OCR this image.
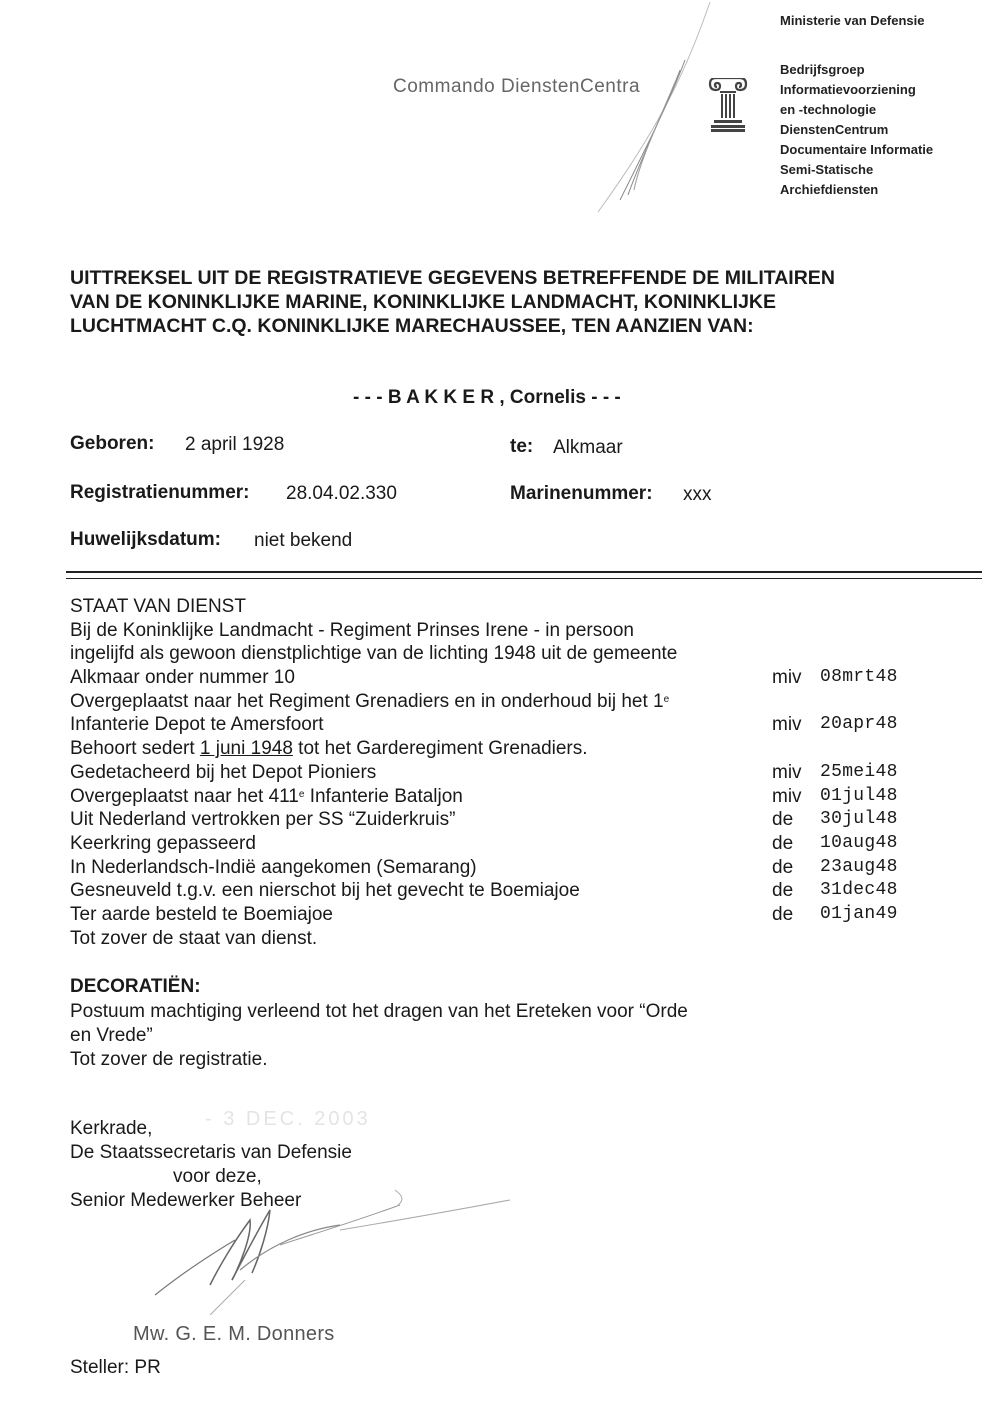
Ministerie van Defensie
Commando DienstenCentra
Bedrijfsgroep
Informatievoorziening
en -technologie
DienstenCentrum
Documentaire Informatie
Semi-Statische
Archiefdiensten
UITTREKSEL UIT DE REGISTRATIEVE GEGEVENS BETREFFENDE DE MILITAIREN
VAN DE KONINKLIJKE MARINE, KONINKLIJKE LANDMACHT, KONINKLIJKE
LUCHTMACHT C.Q. KONINKLIJKE MARECHAUSSEE, TEN AANZIEN VAN:
- - - B A K K E R , Cornelis - - -
Geboren: 2 april 1928	te: Alkmaar
Registratienummer: 28.04.02.330	Marinenummer: xxx
Huwelijksdatum: niet bekend
STAAT VAN DIENST
Bij de Koninklijke Landmacht - Regiment Prinses Irene - in persoon
ingelijfd als gewoon dienstplichtige van de lichting 1948 uit de gemeente
Alkmaar onder nummer 10	miv 08mrt48
Overgeplaatst naar het Regiment Grenadiers en in onderhoud bij het 1e
Infanterie Depot te Amersfoort	miv 20apr48
Behoort sedert 1 juni 1948 tot het Garderegiment Grenadiers.
Gedetacheerd bij het Depot Pioniers	miv 25mei48
Overgeplaatst naar het 411e Infanterie Bataljon	miv 01jul48
Uit Nederland vertrokken per SS “Zuiderkruis”	de 30jul48
Keerkring gepasseerd	de 10aug48
In Nederlandsch-Indië aangekomen (Semarang)	de 23aug48
Gesneuveld t.g.v. een nierschot bij het gevecht te Boemiajoe	de 31dec48
Ter aarde besteld te Boemiajoe	de 01jan49
Tot zover de staat van dienst.
DECORATIËN:
Postuum machtiging verleend tot het dragen van het Ereteken voor “Orde
en Vrede”
Tot zover de registratie.
- 3 DEC. 2003
Kerkrade,
De Staatssecretaris van Defensie
voor deze,
Senior Medewerker Beheer
Mw. G. E. M. Donners
Steller: PR
